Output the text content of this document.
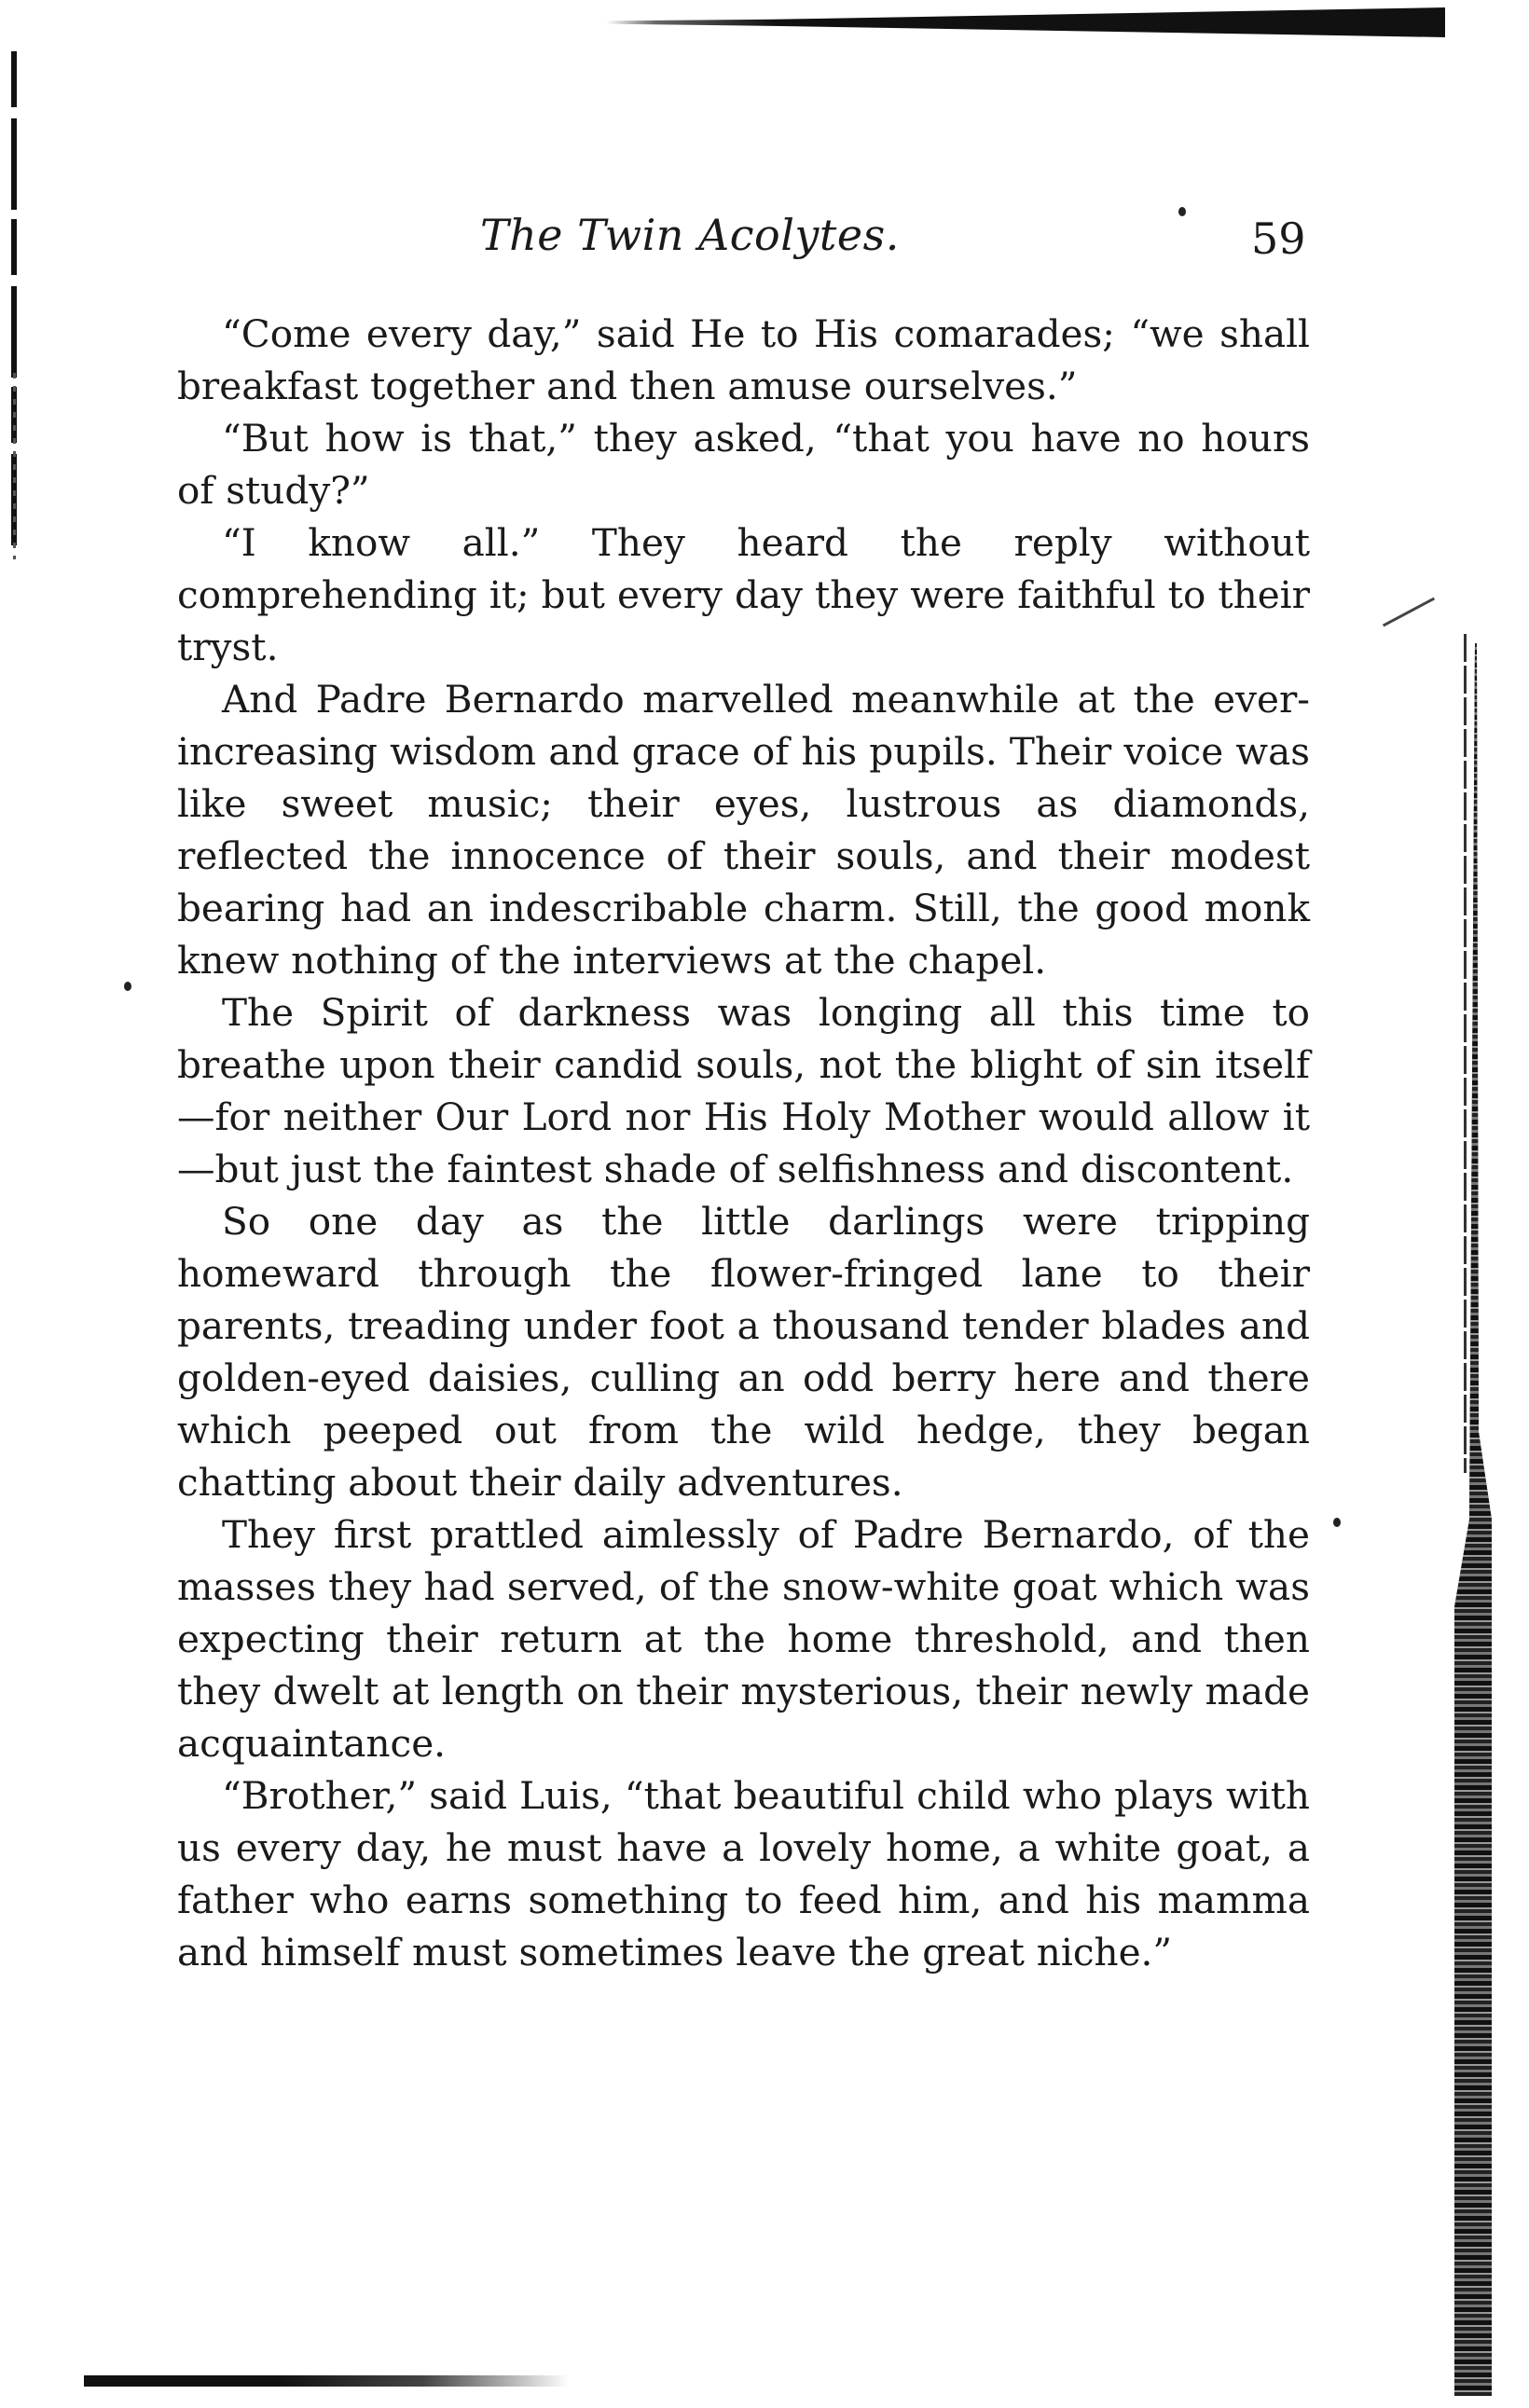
The Twin Acolytes.	59

“Come every day,” said He to His comarades; “we shall breakfast together and then amuse ourselves.”

“But how is that,” they asked, “that you have no hours of study?”

“I know all.” They heard the reply without comprehending it; but every day they were faithful to their tryst.

And Padre Bernardo marvelled meanwhile at the ever-increasing wisdom and grace of his pupils. Their voice was like sweet music; their eyes, lustrous as diamonds, reflected the innocence of their souls, and their modest bearing had an indescribable charm. Still, the good monk knew nothing of the interviews at the chapel.

The Spirit of darkness was longing all this time to breathe upon their candid souls, not the blight of sin itself—for neither Our Lord nor His Holy Mother would allow it—but just the faintest shade of selfishness and discontent.

So one day as the little darlings were tripping homeward through the flower-fringed lane to their parents, treading under foot a thousand tender blades and golden-eyed daisies, culling an odd berry here and there which peeped out from the wild hedge, they began chatting about their daily adventures.

They first prattled aimlessly of Padre Bernardo, of the masses they had served, of the snow-white goat which was expecting their return at the home threshold, and then they dwelt at length on their mysterious, their newly made acquaintance.

“Brother,” said Luis, “that beautiful child who plays with us every day, he must have a lovely home, a white goat, a father who earns something to feed him, and his mamma and himself must sometimes leave the great niche.”
